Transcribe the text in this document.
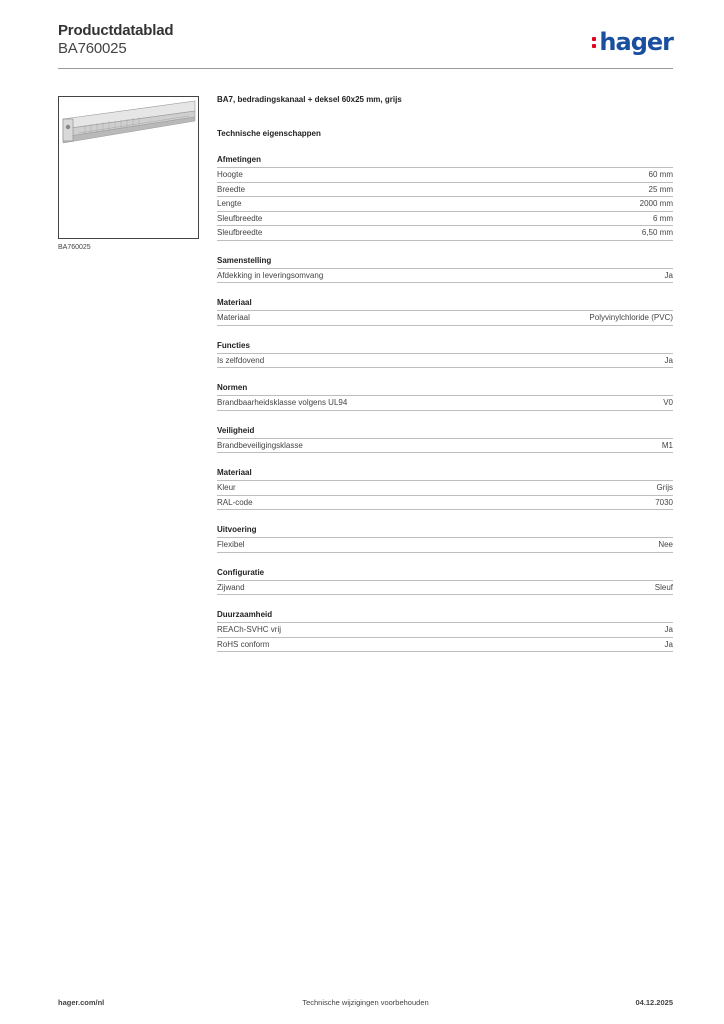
Productdatablad
BA760025	hager
BA760025
BA7, bedradingskanaal + deksel 60x25 mm, grijs
Technische eigenschappen
Afmetingen
Hoogte	60 mm
Breedte	25 mm
Lengte	2000 mm
Sleufbreedte	6 mm
Sleufbreedte	6,50 mm
Samenstelling
Afdekking in leveringsomvang	Ja
Materiaal
Materiaal	Polyvinylchloride (PVC)
Functies
Is zelfdovend	Ja
Normen
Brandbaarheidsklasse volgens UL94	V0
Veiligheid
Brandbeveiligingsklasse	M1
Materiaal
Kleur	Grijs
RAL-code	7030
Uitvoering
Flexibel	Nee
Configuratie
Zijwand	Sleuf
Duurzaamheid
REACh-SVHC vrij	Ja
RoHS conform	Ja
hager.com/nl	Technische wijzigingen voorbehouden	04.12.2025
